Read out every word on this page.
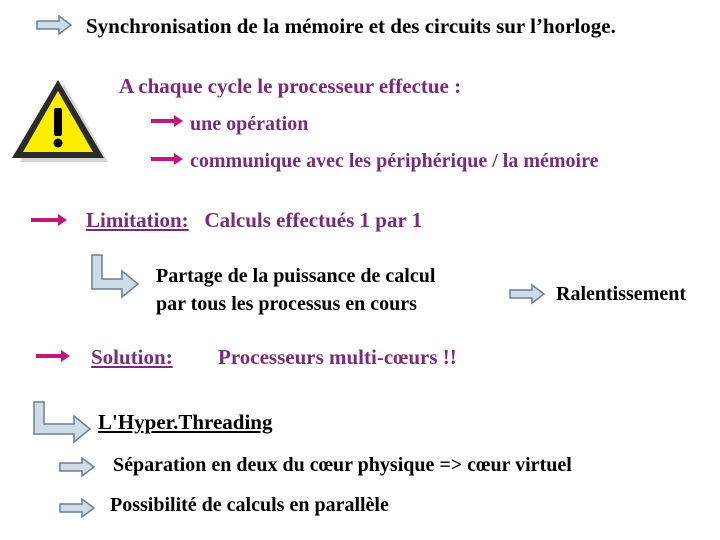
Synchronisation de la mémoire et des circuits sur l’horloge.
A chaque cycle le processeur effectue :
une opération
communique avec les périphérique / la mémoire
Limitation: Calculs effectués 1 par 1
Partage de la puissance de calcul
par tous les processus en cours	Ralentissement
Solution: Processeurs multi-cœurs !!
L'Hyper.Threading
Séparation en deux du cœur physique => cœur virtuel
Possibilité de calculs en parallèle
